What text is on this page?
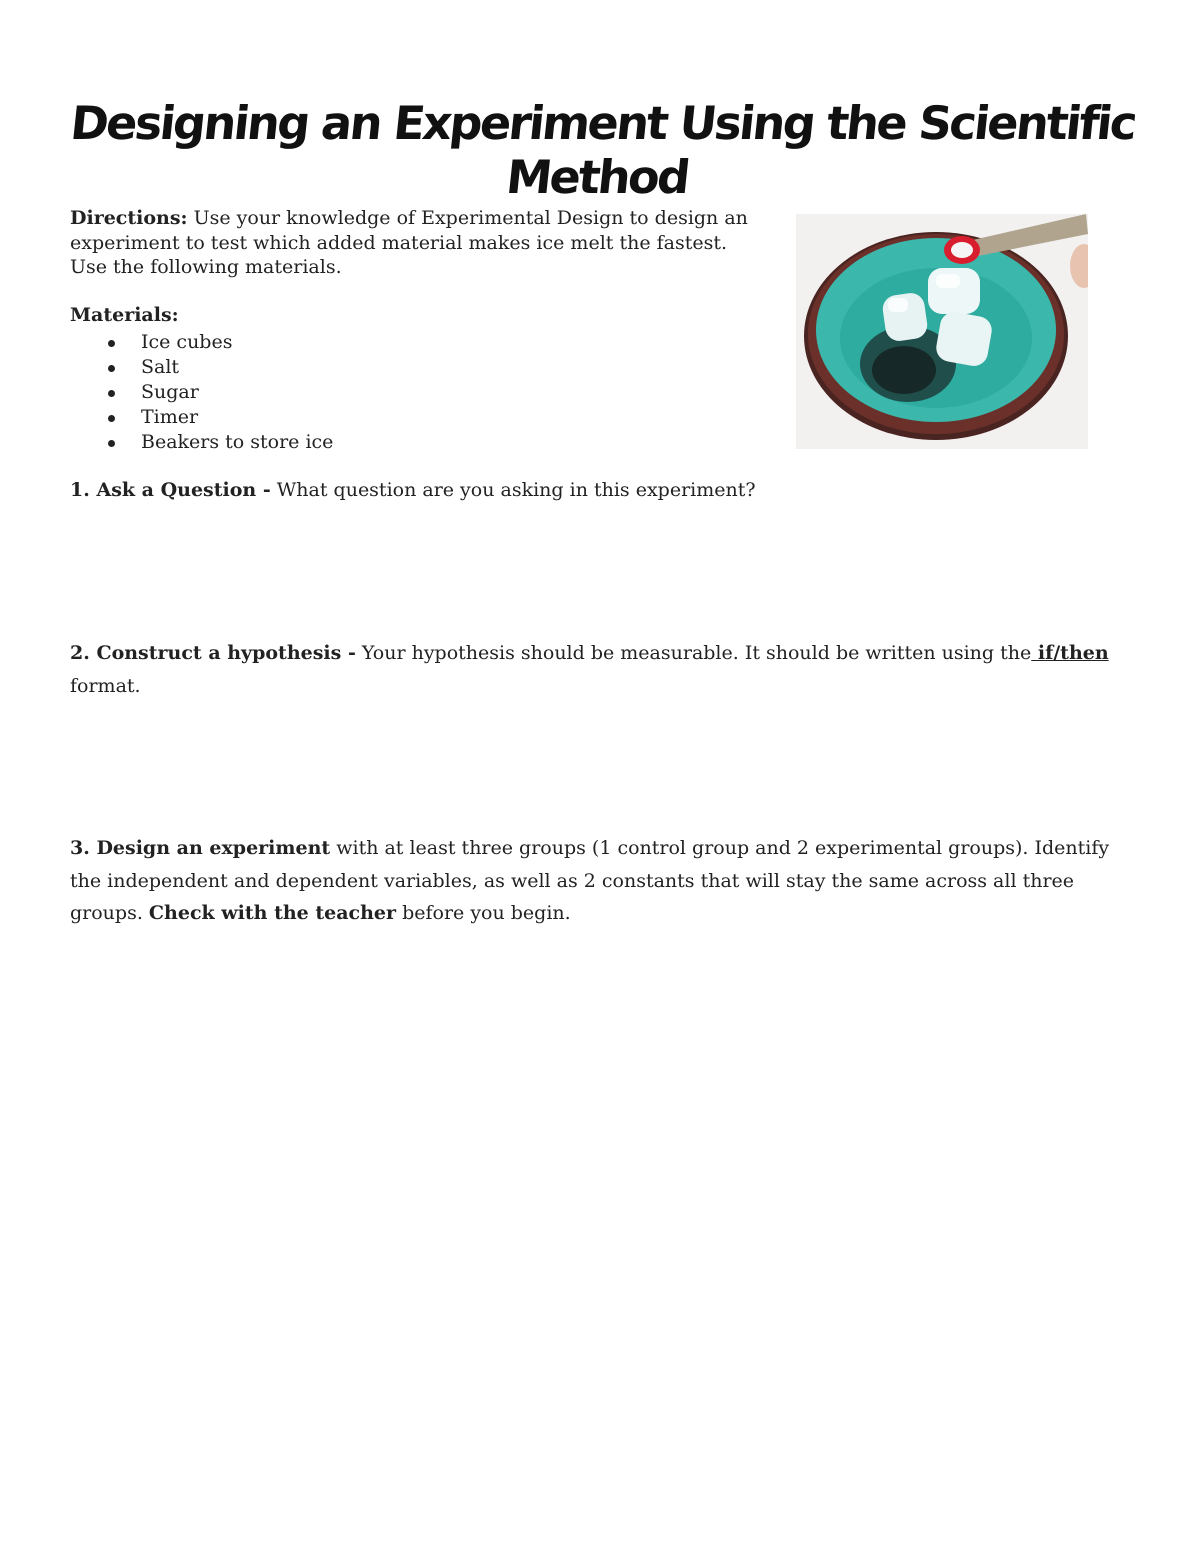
Designing an Experiment Using the Scientific Method

Directions: Use your knowledge of Experimental Design to design an experiment to test which added material makes ice melt the fastest. Use the following materials.

Materials:

Ice cubes
Salt
Sugar
Timer
Beakers to store ice

1. Ask a Question - What question are you asking in this experiment?

2. Construct a hypothesis - Your hypothesis should be measurable. It should be written using the if/then
format.

3. Design an experiment with at least three groups (1 control group and 2 experimental groups). Identify the independent and dependent variables, as well as 2 constants that will stay the same across all three groups. Check with the teacher before you begin.
